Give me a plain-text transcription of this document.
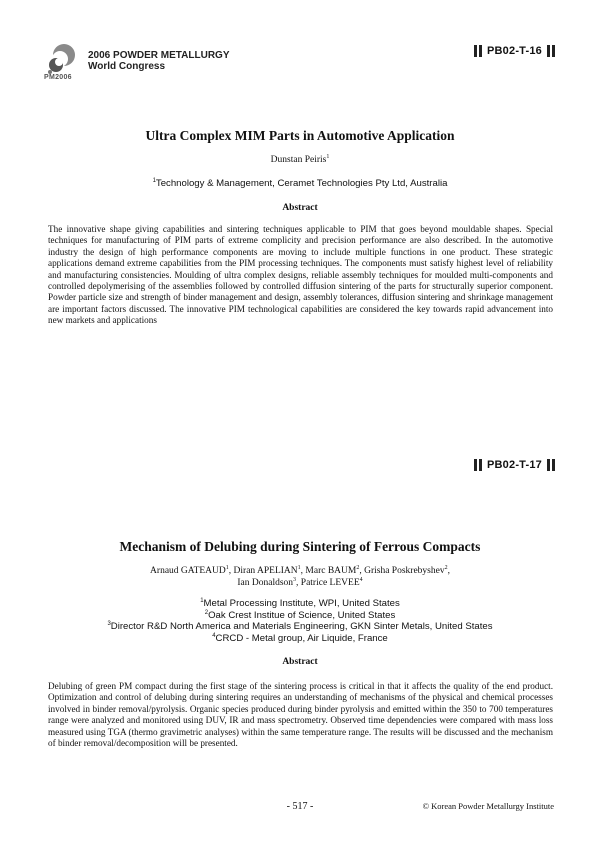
PM2006
2006 POWDER METALLURGY
World Congress
PB02-T-16
Ultra Complex MIM Parts in Automotive Application
Dunstan Peiris$^1$
$^1$Technology & Management, Ceramet Technologies Pty Ltd, Australia
Abstract
The innovative shape giving capabilities and sintering techniques applicable to PIM that goes beyond mouldable shapes. Special techniques for manufacturing of PIM parts of extreme complicity and precision performance are also described. In the automotive industry the design of high performance components are moving to include multiple functions in one product. These strategic applications demand extreme capabilities from the PIM processing techniques. The components must satisfy highest level of reliability and manufacturing consistencies. Moulding of ultra complex designs, reliable assembly techniques for moulded multi-components and controlled depolymerising of the assemblies followed by controlled diffusion sintering of the parts for structurally superior component. Powder particle size and strength of binder management and design, assembly tolerances, diffusion sintering and shrinkage management are important factors discussed. The innovative PIM technological capabilities are considered the key towards rapid advancement into new markets and applications
PB02-T-17
Mechanism of Delubing during Sintering of Ferrous Compacts
Arnaud GATEAUD$^1$, Diran APELIAN$^1$, Marc BAUM$^2$, Grisha Poskrebyshev$^2$,
Ian Donaldson$^3$, Patrice LEVEE$^4$
$^1$Metal Processing Institute, WPI, United States
$^2$Oak Crest Institue of Science, United States
$^3$Director R&D North America and Materials Engineering, GKN Sinter Metals, United States
$^4$CRCD - Metal group, Air Liquide, France
Abstract
Delubing of green PM compact during the first stage of the sintering process is critical in that it affects the quality of the end product. Optimization and control of delubing during sintering requires an understanding of mechanisms of the physical and chemical processes involved in binder removal/pyrolysis. Organic species produced during binder pyrolysis and emitted within the 350 to 700 temperatures range were analyzed and monitored using DUV, IR and mass spectrometry. Observed time dependencies were compared with mass loss measured using TGA (thermo gravimetric analyses) within the same temperature range. The results will be discussed and the mechanism of binder removal/decomposition will be presented.
- 517 -	© Korean Powder Metallurgy Institute
